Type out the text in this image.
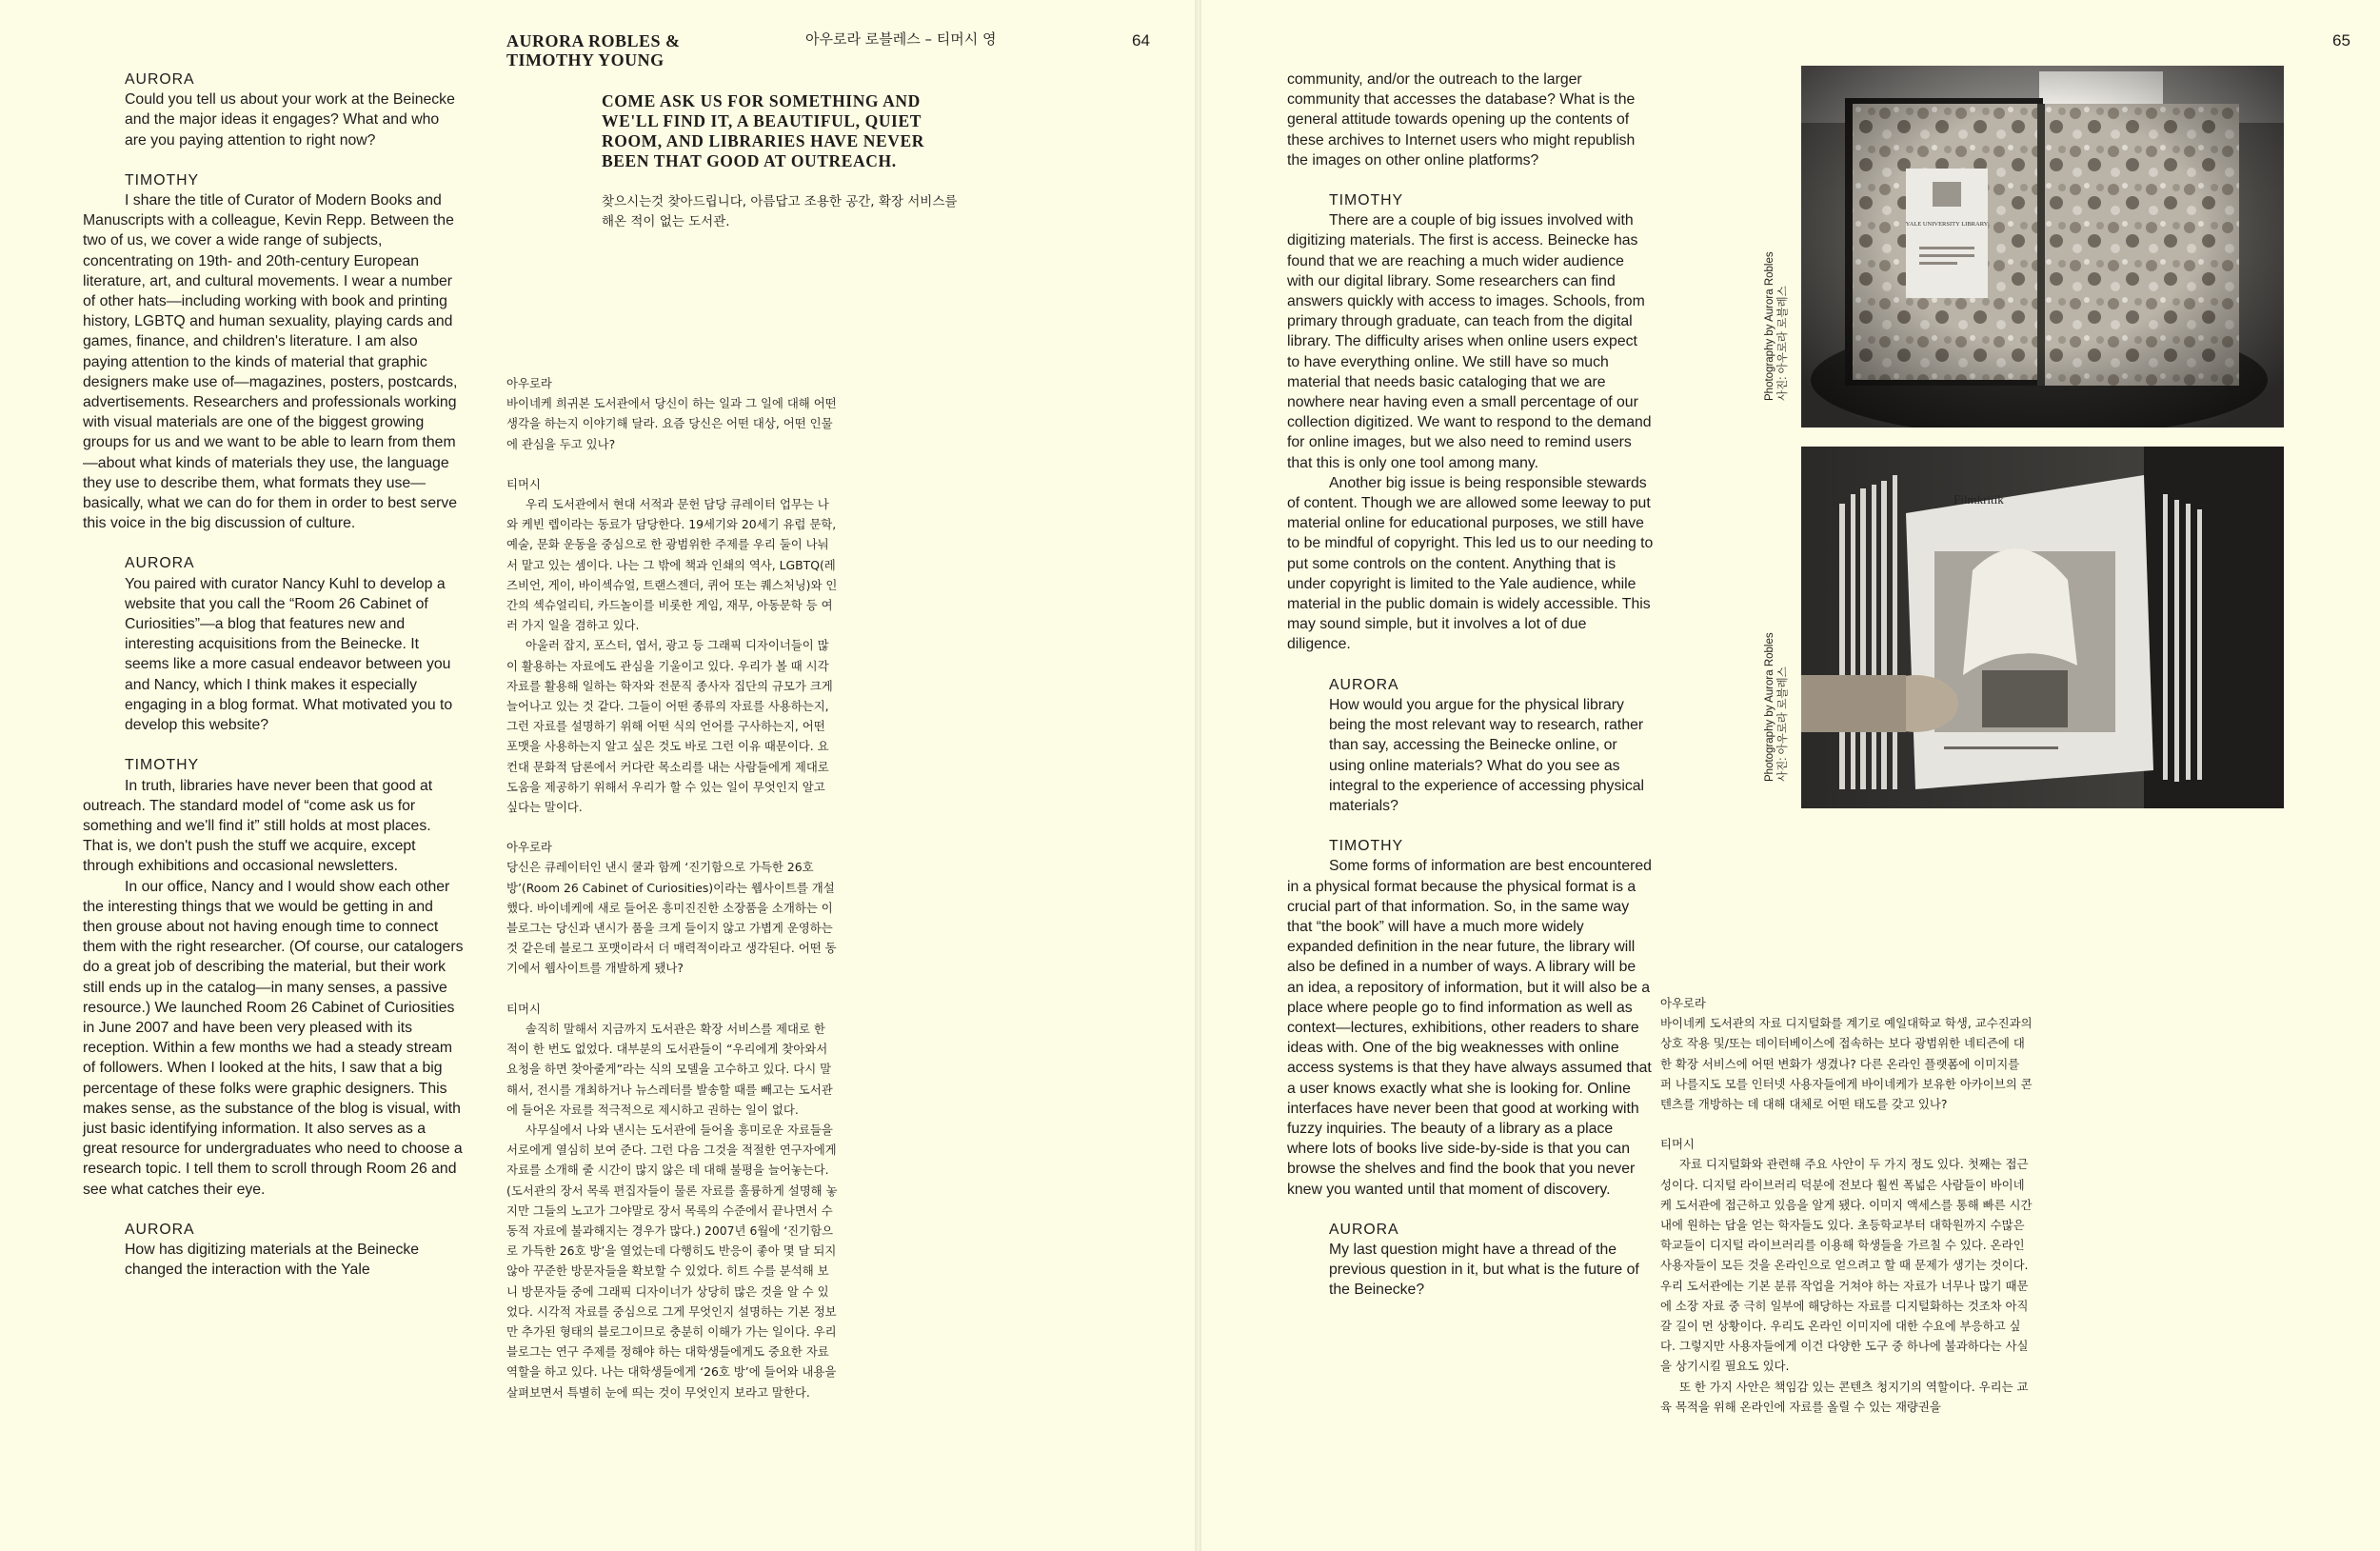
AURORA ROBLES &
TIMOTHY YOUNG
아우로라 로블레스 – 티머시 영	64	65

AURORA

Could you tell us about your work at the Beinecke and the major ideas it engages? What and who are you paying attention to right now?

TIMOTHY

I share the title of Curator of Modern Books and Manuscripts with a colleague, Kevin Repp. Between the two of us, we cover a wide range of subjects, concentrating on 19th- and 20th-century European literature, art, and cultural movements. I wear a number of other hats—including working with book and printing history, LGBTQ and human sexuality, playing cards and games, finance, and children's literature. I am also paying attention to the kinds of material that graphic designers make use of—magazines, posters, postcards, advertisements. Researchers and professionals working with visual materials are one of the biggest growing groups for us and we want to be able to learn from them—about what kinds of materials they use, the language they use to describe them, what formats they use—basically, what we can do for them in order to best serve this voice in the big discussion of culture.

AURORA

You paired with curator Nancy Kuhl to develop a website that you call the “Room 26 Cabinet of Curiosities”—a blog that features new and interesting acquisitions from the Beinecke. It seems like a more casual endeavor between you and Nancy, which I think makes it especially engaging in a blog format. What motivated you to develop this website?

TIMOTHY

In truth, libraries have never been that good at outreach. The standard model of “come ask us for something and we'll find it” still holds at most places. That is, we don't push the stuff we acquire, except through exhibitions and occasional newsletters.

In our office, Nancy and I would show each other the interesting things that we would be getting in and then grouse about not having enough time to connect them with the right researcher. (Of course, our catalogers do a great job of describing the material, but their work still ends up in the catalog—in many senses, a passive resource.) We launched Room 26 Cabinet of Curiosities in June 2007 and have been very pleased with its reception. Within a few months we had a steady stream of followers. When I looked at the hits, I saw that a big percentage of these folks were graphic designers. This makes sense, as the substance of the blog is visual, with just basic identifying information. It also serves as a great resource for undergraduates who need to choose a research topic. I tell them to scroll through Room 26 and see what catches their eye.

AURORA

How has digitizing materials at the Beinecke changed the interaction with the Yale

COME ASK US FOR SOMETHING AND WE'LL FIND IT, A BEAUTIFUL, QUIET ROOM, AND LIBRARIES HAVE NEVER BEEN THAT GOOD AT OUTREACH.
찾으시는것 찾아드립니다, 아름답고 조용한 공간, 확장 서비스를 해온 적이 없는 도서관.

아우로라

바이네케 희귀본 도서관에서 당신이 하는 일과 그 일에 대해 어떤 생각을 하는지 이야기해 달라. 요즘 당신은 어떤 대상, 어떤 인물에 관심을 두고 있나?

티머시

우리 도서관에서 현대 서적과 문헌 담당 큐레이터 업무는 나와 케빈 렙이라는 동료가 담당한다. 19세기와 20세기 유럽 문학, 예술, 문화 운동을 중심으로 한 광범위한 주제를 우리 둘이 나눠서 맡고 있는 셈이다. 나는 그 밖에 책과 인쇄의 역사, LGBTQ(레즈비언, 게이, 바이섹슈얼, 트랜스젠더, 퀴어 또는 퀘스처닝)와 인간의 섹슈얼리티, 카드놀이를 비롯한 게임, 재무, 아동문학 등 여러 가지 일을 겸하고 있다.

아울러 잡지, 포스터, 엽서, 광고 등 그래픽 디자이너들이 많이 활용하는 자료에도 관심을 기울이고 있다. 우리가 볼 때 시각 자료를 활용해 일하는 학자와 전문직 종사자 집단의 규모가 크게 늘어나고 있는 것 같다. 그들이 어떤 종류의 자료를 사용하는지, 그런 자료를 설명하기 위해 어떤 식의 언어를 구사하는지, 어떤 포맷을 사용하는지 알고 싶은 것도 바로 그런 이유 때문이다. 요컨대 문화적 담론에서 커다란 목소리를 내는 사람들에게 제대로 도움을 제공하기 위해서 우리가 할 수 있는 일이 무엇인지 알고 싶다는 말이다.

아우로라

당신은 큐레이터인 낸시 쿨과 함께 ‘진기함으로 가득한 26호 방’(Room 26 Cabinet of Curiosities)이라는 웹사이트를 개설했다. 바이네케에 새로 들어온 흥미진진한 소장품을 소개하는 이 블로그는 당신과 낸시가 품을 크게 들이지 않고 가볍게 운영하는 것 같은데 블로그 포맷이라서 더 매력적이라고 생각된다. 어떤 동기에서 웹사이트를 개발하게 됐나?

티머시

솔직히 말해서 지금까지 도서관은 확장 서비스를 제대로 한 적이 한 번도 없었다. 대부분의 도서관들이 “우리에게 찾아와서 요청을 하면 찾아줄게”라는 식의 모델을 고수하고 있다. 다시 말해서, 전시를 개최하거나 뉴스레터를 발송할 때를 빼고는 도서관에 들어온 자료를 적극적으로 제시하고 권하는 일이 없다.

사무실에서 나와 낸시는 도서관에 들어올 흥미로운 자료들을 서로에게 열심히 보여 준다. 그런 다음 그것을 적절한 연구자에게 자료를 소개해 줄 시간이 많지 않은 데 대해 불평을 늘어놓는다. (도서관의 장서 목록 편집자들이 물론 자료를 훌륭하게 설명해 놓지만 그들의 노고가 그야말로 장서 목록의 수준에서 끝나면서 수동적 자료에 불과해지는 경우가 많다.) 2007년 6월에 ‘진기함으로 가득한 26호 방’을 열었는데 다행히도 반응이 좋아 몇 달 되지 않아 꾸준한 방문자들을 확보할 수 있었다. 히트 수를 분석해 보니 방문자들 중에 그래픽 디자이너가 상당히 많은 것을 알 수 있었다. 시각적 자료를 중심으로 그게 무엇인지 설명하는 기본 정보만 추가된 형태의 블로그이므로 충분히 이해가 가는 일이다. 우리 블로그는 연구 주제를 정해야 하는 대학생들에게도 중요한 자료 역할을 하고 있다. 나는 대학생들에게 ‘26호 방’에 들어와 내용을 살펴보면서 특별히 눈에 띄는 것이 무엇인지 보라고 말한다.

community, and/or the outreach to the larger community that accesses the database? What is the general attitude towards opening up the contents of these archives to Internet users who might republish the images on other online platforms?

TIMOTHY

There are a couple of big issues involved with digitizing materials. The first is access. Beinecke has found that we are reaching a much wider audience with our digital library. Some researchers can find answers quickly with access to images. Schools, from primary through graduate, can teach from the digital library. The difficulty arises when online users expect to have everything online. We still have so much material that needs basic cataloging that we are nowhere near having even a small percentage of our collection digitized. We want to respond to the demand for online images, but we also need to remind users that this is only one tool among many.

Another big issue is being responsible stewards of content. Though we are allowed some leeway to put material online for educational purposes, we still have to be mindful of copyright. This led us to our needing to put some controls on the content. Anything that is under copyright is limited to the Yale audience, while material in the public domain is widely accessible. This may sound simple, but it involves a lot of due diligence.

AURORA

How would you argue for the physical library being the most relevant way to research, rather than say, accessing the Beinecke online, or using online materials? What do you see as integral to the experience of accessing physical materials?

TIMOTHY

Some forms of information are best encountered in a physical format because the physical format is a crucial part of that information. So, in the same way that “the book” will have a much more widely expanded definition in the near future, the library will also be defined in a number of ways. A library will be an idea, a repository of information, but it will also be a place where people go to find information as well as context—lectures, exhibitions, other readers to share ideas with. One of the big weaknesses with online access systems is that they have always assumed that a user knows exactly what she is looking for. Online interfaces have never been that good at working with fuzzy inquiries. The beauty of a library as a place where lots of books live side-by-side is that you can browse the shelves and find the book that you never knew you wanted until that moment of discovery.

AURORA

My last question might have a thread of the previous question in it, but what is the future of the Beinecke?

아우로라

바이네케 도서관의 자료 디지털화를 계기로 예일대학교 학생, 교수진과의 상호 작용 및/또는 데이터베이스에 접속하는 보다 광범위한 네티즌에 대한 확장 서비스에 어떤 변화가 생겼나? 다른 온라인 플랫폼에 이미지를 퍼 나를지도 모를 인터넷 사용자들에게 바이네케가 보유한 아카이브의 콘텐츠를 개방하는 데 대해 대체로 어떤 태도를 갖고 있나?

티머시

자료 디지털화와 관련해 주요 사안이 두 가지 정도 있다. 첫째는 접근성이다. 디지털 라이브러리 덕분에 전보다 훨씬 폭넓은 사람들이 바이네케 도서관에 접근하고 있음을 알게 됐다. 이미지 액세스를 통해 빠른 시간 내에 원하는 답을 얻는 학자들도 있다. 초등학교부터 대학원까지 수많은 학교들이 디지털 라이브러리를 이용해 학생들을 가르칠 수 있다. 온라인 사용자들이 모든 것을 온라인으로 얻으려고 할 때 문제가 생기는 것이다. 우리 도서관에는 기본 분류 작업을 거쳐야 하는 자료가 너무나 많기 때문에 소장 자료 중 극히 일부에 해당하는 자료를 디지털화하는 것조차 아직 갈 길이 먼 상황이다. 우리도 온라인 이미지에 대한 수요에 부응하고 싶다. 그렇지만 사용자들에게 이건 다양한 도구 중 하나에 불과하다는 사실을 상기시킬 필요도 있다.

또 한 가지 사안은 책임감 있는 콘텐츠 청지기의 역할이다. 우리는 교육 목적을 위해 온라인에 자료를 올릴 수 있는 재량권을

Photography by Aurora Robles 사진: 아우로라 로블레스
Filmkritik
Photography by Aurora Robles 사진: 아우로라 로블레스
